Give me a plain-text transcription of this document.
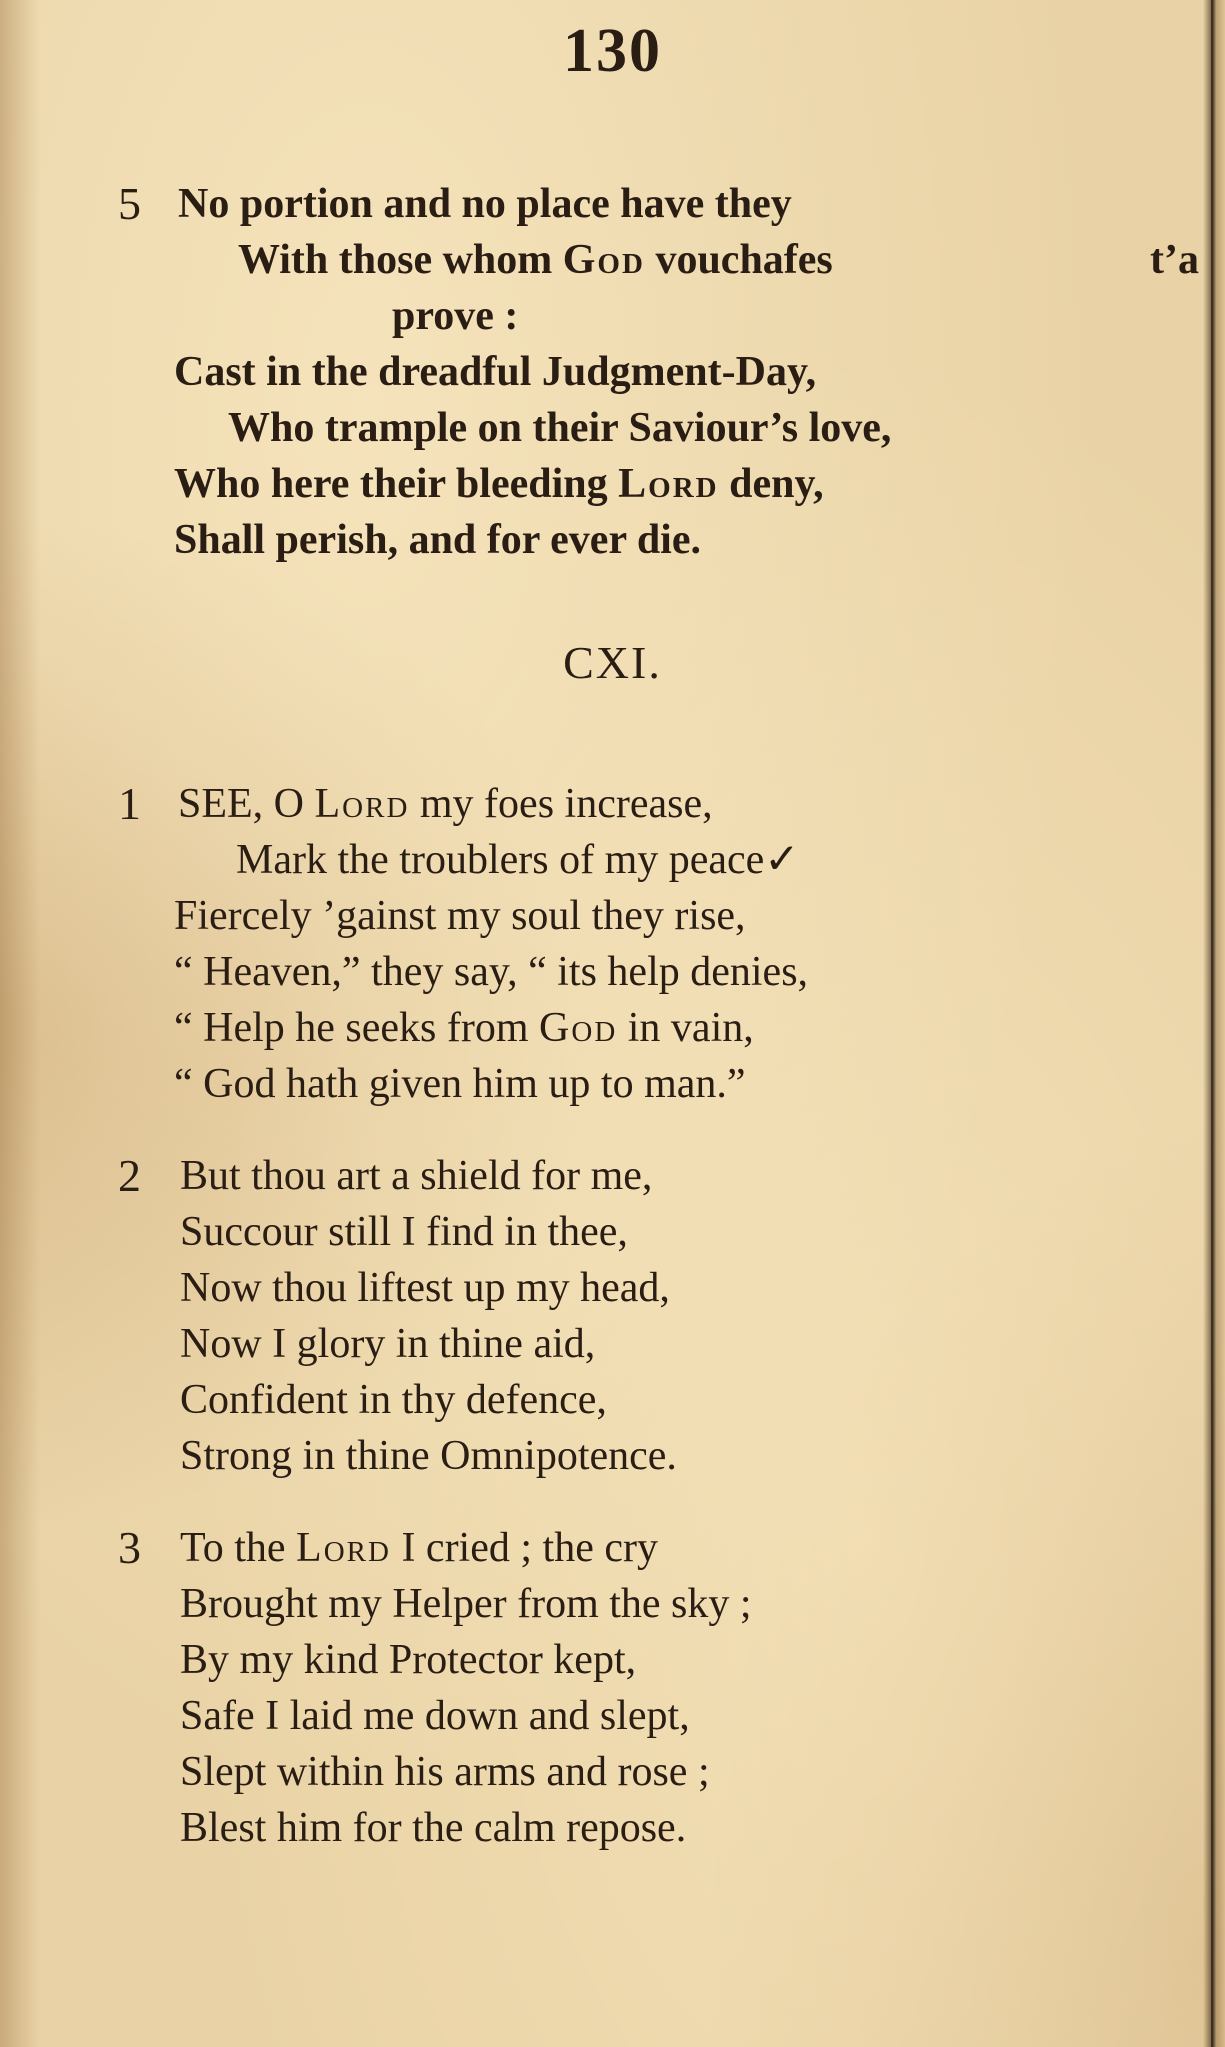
130
5 No portion and no place have they
With those whom God vouchafes	t’a
prove :
Cast in the dreadful Judgment-Day,
Who trample on their Saviour’s love,
Who here their bleeding Lord deny,
Shall perish, and for ever die.
CXI.
1 SEE, O Lord my foes increase,
Mark the troublers of my peace✓
Fiercely ’gainst my soul they rise,
“ Heaven,” they say, “ its help denies,
“ Help he seeks from God in vain,
“ God hath given him up to man.”
2 But thou art a shield for me,
Succour still I find in thee,
Now thou liftest up my head,
Now I glory in thine aid,
Confident in thy defence,
Strong in thine Omnipotence.
3 To the Lord I cried ; the cry
Brought my Helper from the sky ;
By my kind Protector kept,
Safe I laid me down and slept,
Slept within his arms and rose ;
Blest him for the calm repose.
